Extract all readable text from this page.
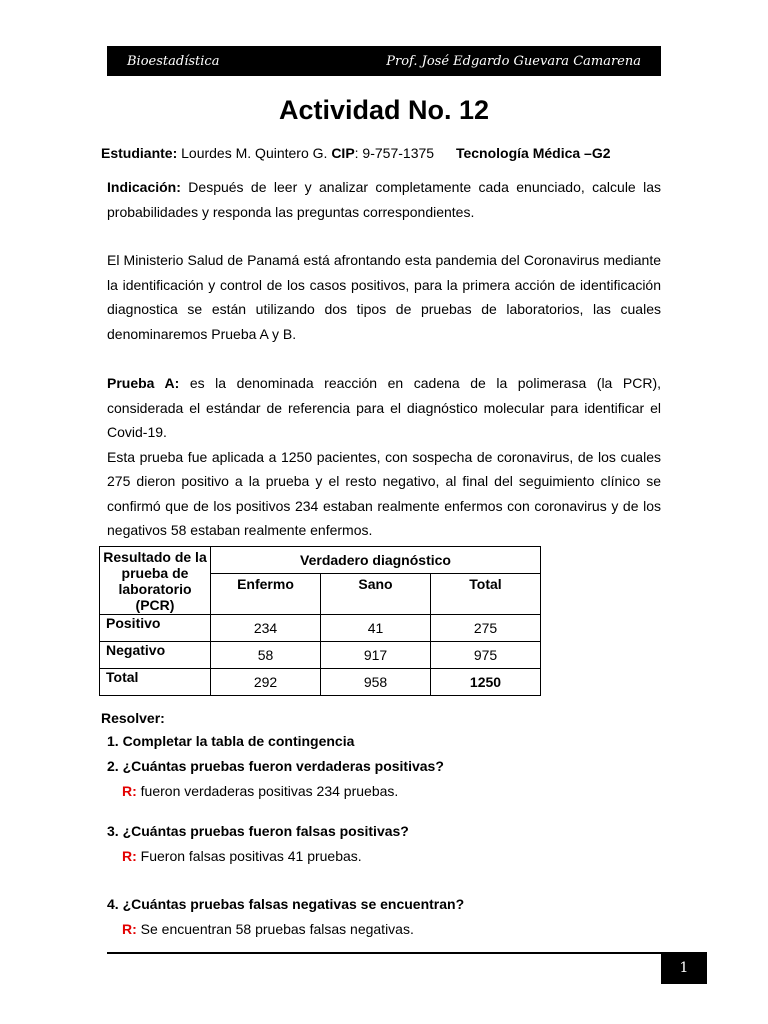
Bioestadística	Prof. José Edgardo Guevara Camarena
Actividad No. 12
Estudiante: Lourdes M. Quintero G. CIP: 9-757-1375 Tecnología Médica –G2
Indicación: Después de leer y analizar completamente cada enunciado, calcule las probabilidades y responda las preguntas correspondientes.
El Ministerio Salud de Panamá está afrontando esta pandemia del Coronavirus mediante la identificación y control de los casos positivos, para la primera acción de identificación diagnostica se están utilizando dos tipos de pruebas de laboratorios, las cuales denominaremos Prueba A y B.
Prueba A: es la denominada reacción en cadena de la polimerasa (la PCR), considerada el estándar de referencia para el diagnóstico molecular para identificar el Covid-19.
Esta prueba fue aplicada a 1250 pacientes, con sospecha de coronavirus, de los cuales 275 dieron positivo a la prueba y el resto negativo, al final del seguimiento clínico se confirmó que de los positivos 234 estaban realmente enfermos con coronavirus y de los negativos 58 estaban realmente enfermos.
Resultado de la prueba de laboratorio (PCR)	Verdadero diagnóstico		
	Enfermo	Sano	Total
Positivo	234	41	275
Negativo	58	917	975
Total	292	958	1250
Resolver:
1. Completar la tabla de contingencia
2. ¿Cuántas pruebas fueron verdaderas positivas?
R: fueron verdaderas positivas 234 pruebas.
3. ¿Cuántas pruebas fueron falsas positivas?
R: Fueron falsas positivas 41 pruebas.
4. ¿Cuántas pruebas falsas negativas se encuentran?
R: Se encuentran 58 pruebas falsas negativas.
1
